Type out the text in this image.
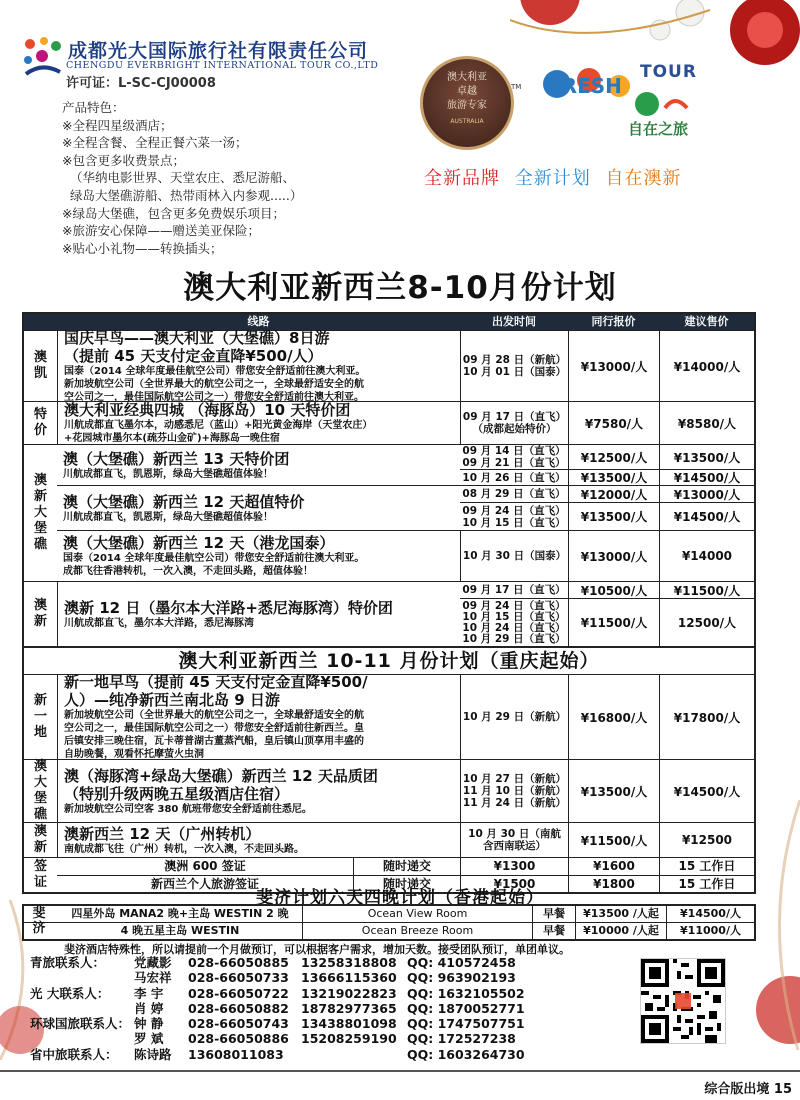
成都光大国际旅行社有限责任公司
CHENGDU EVERBRIGHT INTERNATIONAL TOUR CO.,LTD
许可证：L-SC-CJ00008
产品特色：
※全程四星级酒店；
※全程含餐、全程正餐六菜一汤；
※包含更多收费景点；
（华纳电影世界、天堂农庄、悉尼游船、
绿岛大堡礁游船、热带雨林入内参观.....）
※绿岛大堡礁，包含更多免费娱乐项目；
※旅游安心保障——赠送美亚保险；
※贴心小礼物——转换插头；
澳大利亚
卓越
旅游专家
AUSTRALIA
TM
TOUR
FRESH
自在之旅
全新品牌 全新计划 自在澳新
澳大利亚新西兰8-10月份计划
线路	出发时间	同行报价	建议售价
澳凯
国庆早鸟——澳大利亚（大堡礁）8日游
（提前 45 天支付定金直降¥500/人）
国泰（2014 全球年度最佳航空公司）带您安全舒适前往澳大利亚。
新加坡航空公司（全世界最大的航空公司之一，全球最舒适安全的航
空公司之一，最佳国际航空公司之一）带您安全舒适前往澳大利亚。
09 月 28 日（新航）
10 月 01 日（国泰）	¥13000/人	¥14000/人
特价
澳大利亚经典四城 （海豚岛）10 天特价团
川航成都直飞墨尔本，动感悉尼（蓝山）+阳光黄金海岸（天堂农庄）
+花园城市墨尔本(疏芬山金矿)+海豚岛一晚住宿
09 月 17 日（直飞）
（成都起始特价）	¥7580/人	¥8580/人
澳新大堡礁
澳（大堡礁）新西兰 13 天特价团
川航成都直飞，凯恩斯，绿岛大堡礁超值体验！
09 月 14 日（直飞）
09 月 21 日（直飞）	¥12500/人	¥13500/人
10 月 26 日（直飞）	¥13500/人	¥14500/人
澳（大堡礁）新西兰 12 天超值特价
川航成都直飞，凯恩斯，绿岛大堡礁超值体验！
08 月 29 日（直飞）	¥12000/人	¥13000/人
09 月 24 日（直飞）
10 月 15 日（直飞）	¥13500/人	¥14500/人
澳（大堡礁）新西兰 12 天（港龙国泰）
国泰（2014 全球年度最佳航空公司）带您安全舒适前往澳大利亚。
成都飞往香港转机，一次入澳，不走回头路，超值体验！
10 月 30 日（国泰）	¥13000/人	¥14000
澳新
澳新 12 日（墨尔本大洋路+悉尼海豚湾）特价团
川航成都直飞，墨尔本大洋路，悉尼海豚湾
09 月 17 日（直飞）	¥10500/人	¥11500/人
09 月 24 日（直飞）
10 月 15 日（直飞）
10 月 24 日（直飞）
10 月 29 日（直飞）
¥11500/人	12500/人
澳大利亚新西兰 10-11 月份计划（重庆起始）
新一地
新一地早鸟（提前 45 天支付定金直降¥500/
人）—纯净新西兰南北岛 9 日游
新加坡航空公司（全世界最大的航空公司之一，全球最舒适安全的航
空公司之一，最佳国际航空公司之一）带您安全舒适前往新西兰。皇
后镇安排三晚住宿，瓦卡蒂普湖古董蒸汽船，皇后镇山顶享用丰盛的
自助晚餐，观看怀托摩萤火虫洞
10 月 29 日（新航）	¥16800/人	¥17800/人
澳大堡礁
澳（海豚湾+绿岛大堡礁）新西兰 12 天品质团
（特别升级两晚五星级酒店住宿）
新加坡航空公司空客 380 航班带您安全舒适前往悉尼。
10 月 27 日（新航）
11 月 10 日（新航）
11 月 24 日（新航）
¥13500/人	¥14500/人
澳新
澳新西兰 12 天（广州转机）
南航成都飞往（广州）转机，一次入澳，不走回头路。
10 月 30 日（南航
含西南联运）	¥11500/人	¥12500
签证
澳洲 600 签证	随时递交	¥1300	¥1600	15 工作日
新西兰个人旅游签证	随时递交	¥1500	¥1800	15 工作日
斐济计划六天四晚计划（香港起始）
四星外岛 MANA2 晚+主岛 WESTIN 2 晚	Ocean View Room	早餐	¥13500 /人起	¥14500/人
4 晚五星主岛 WESTIN	Ocean Breeze Room	早餐	¥10000 /人起	¥11000/人
斐济
斐济酒店特殊性，所以请提前一个月做预订，可以根据客户需求，增加天数。接受团队预订，单团单议。
青旅联系人：	党藏影	028-66050885 13258318808 QQ: 410572458
马宏祥	028-66050733 13666115360 QQ: 963902193
光 大联系人：	李 宇	028-66050722 13219022823 QQ: 1632105502
肖 婷	028-66050882 18782977365 QQ: 1870052771
环球国旅联系人： 钟 静	028-66050743 13438801098 QQ: 1747507751
罗 斌	028-66050886 15208259190 QQ: 172527238
省中旅联系人：	陈诗路	13608011083	QQ: 1603264730
综合版出境 15
